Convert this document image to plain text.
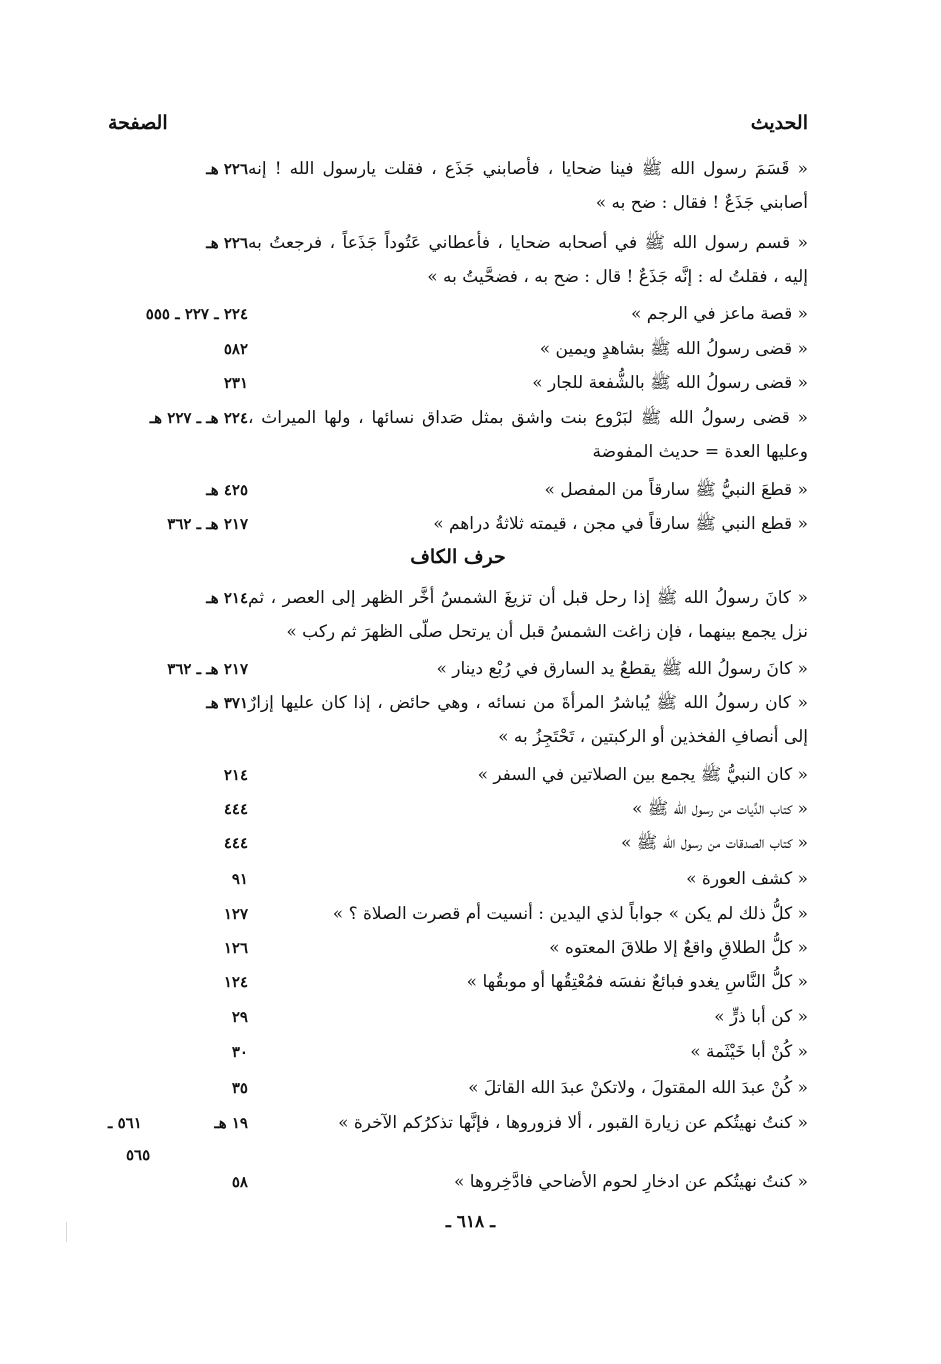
الحديث
الصفحة
« قَسَمَ رسول الله ﷺ فينا ضحايا ، فأصابني جَذَع ، فقلت يارسول الله ! إنه أصابني جَذَعٌ ! فقال : ضح به »
٢٢٦ هـ
« قسم رسول الله ﷺ في أصحابه ضحايا ، فأعطاني عَتُوداً جَذَعاً ، فرجعتُ به إليه ، فقلتُ له : إنَّه جَذَعٌ ! قال : ضح به ، فضحَّيتُ به »
٢٢٦ هـ
« قصة ماعز في الرجم »
٢٢٤ ـ ٢٢٧ ـ ٥٥٥
« قضى رسولُ الله ﷺ بشاهدٍ ويمين »
٥٨٢
« قضى رسولُ الله ﷺ بالشُّفعة للجار »
٢٣١
« قضى رسولُ الله ﷺ لبَرْوع بنت واشق بمثل صَداق نسائها ، ولها الميراث ، وعليها العدة = حديث المفوضة
٢٢٤ هـ ـ ٢٢٧ هـ
« قطعَ النبيُّ ﷺ سارقاً من المفصل »
٤٢٥ هـ
« قطع النبي ﷺ سارقاً في مجن ، قيمته ثلاثةُ دراهم »
٢١٧ هـ ـ ٣٦٢
حرف الكاف
« كانَ رسولُ الله ﷺ إذا رحل قبل أن تزيغَ الشمسُ أخَّر الظهر إلى العصر ، ثم نزل يجمع بينهما ، فإن زاغت الشمسُ قبل أن يرتحل صلّى الظهرَ ثم ركب »
٢١٤ هـ
« كانَ رسولُ الله ﷺ يقطعُ يد السارق في رُبْع دينار »
٢١٧ هـ ـ ٣٦٢
« كان رسولُ الله ﷺ يُباشرُ المرأةَ من نسائه ، وهي حائض ، إذا كان عليها إزارٌ إلى أنصافِ الفخذين أو الركبتين ، تَحْتَجِزُ به »
٣٧١ هـ
« كان النبيُّ ﷺ يجمع بين الصلاتين في السفر »
٢١٤
« كتاب الدِّيات من رسول الله ﷺ »
٤٤٤
« كتاب الصدقات من رسول الله ﷺ »
٤٤٤
« كشف العورة »
٩١
« كلُّ ذلك لم يكن » جواباً لذي اليدين : أنسيت أم قصرت الصلاة ؟ »
١٢٧
« كلُّ الطلاقِ واقعٌ إلا طلاقَ المعتوه »
١٢٦
« كلُّ النَّاسِ يغدو فبائعٌ نفسَه فمُعْتِقُها أو موبقُها »
١٢٤
« كن أبا ذرٍّ »
٢٩
« كُنْ أبا خَيْثَمة »
٣٠
« كُنْ عبدَ الله المقتولَ ، ولاتكنْ عبدَ الله القاتلَ »
٣٥
« كنتُ نهيتُكم عن زيارة القبور ، ألا فزوروها ، فإنَّها تذكرُكم الآخرة »
١٩ هـ
٥٦١ ـ
٥٦٥
« كنتُ نهيتُكم عن ادخارِ لحوم الأضاحي فادَّخِروها »
٥٨
ـ ٦١٨ ـ
